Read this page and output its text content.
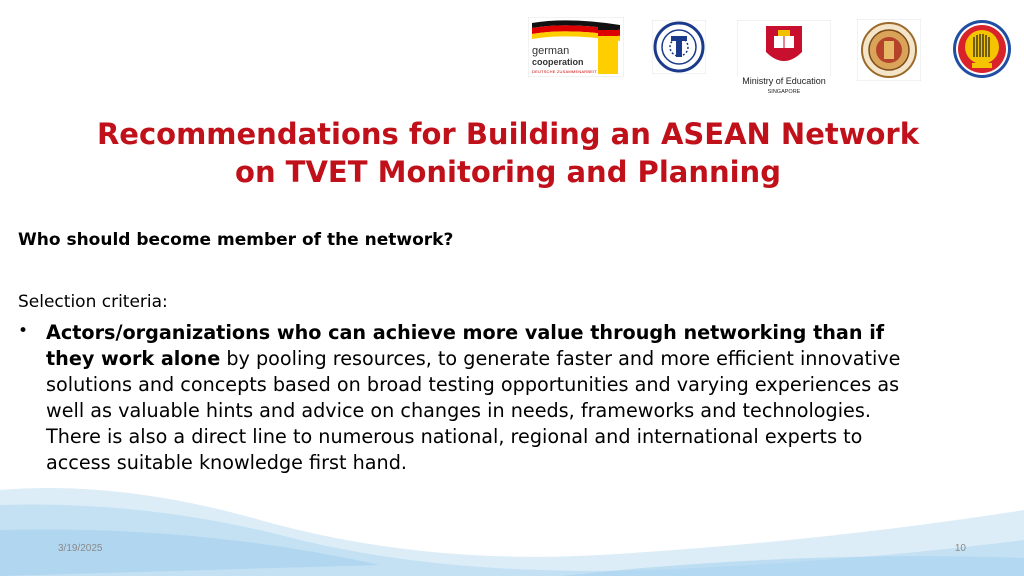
german
cooperation
DEUTSCHE ZUSAMMENARBEIT
Ministry of Education
SINGAPORE
Recommendations for Building an ASEAN Network
on TVET Monitoring and Planning
Who should become member of the network?
Selection criteria:
• Actors/organizations who can achieve more value through networking than if
they work alone by pooling resources, to generate faster and more efficient innovative
solutions and concepts based on broad testing opportunities and varying experiences as
well as valuable hints and advice on changes in needs, frameworks and technologies.
There is also a direct line to numerous national, regional and international experts to
access suitable knowledge first hand.
3/19/2025	10
